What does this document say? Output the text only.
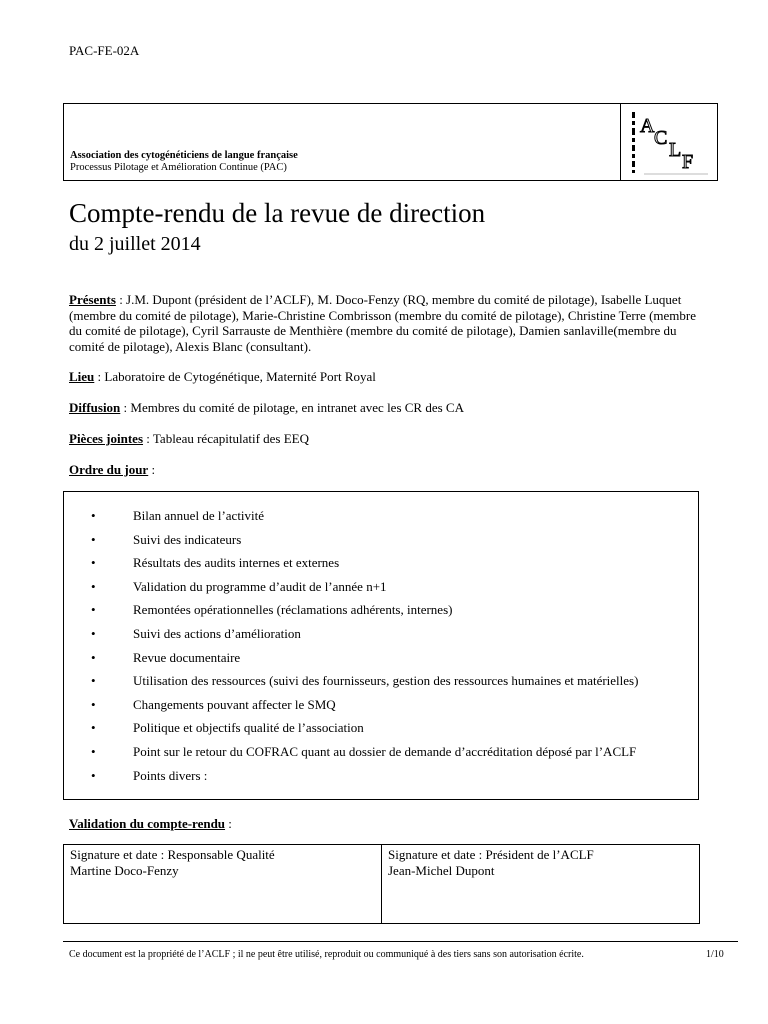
PAC-FE-02A
Association des cytogénéticiens de langue française
Processus Pilotage et Amélioration Continue (PAC)
A
C
L
F
Compte-rendu de la revue de direction
du 2 juillet 2014
Présents : J.M. Dupont (président de l’ACLF), M. Doco-Fenzy (RQ, membre du comité de pilotage), Isabelle Luquet (membre du comité de pilotage), Marie-Christine Combrisson (membre du comité de pilotage), Christine Terre (membre du comité de pilotage), Cyril Sarrauste de Menthière (membre du comité de pilotage), Damien sanlaville(membre du comité de pilotage), Alexis Blanc (consultant).
Lieu : Laboratoire de Cytogénétique, Maternité Port Royal
Diffusion : Membres du comité de pilotage, en intranet avec les CR des CA
Pièces jointes : Tableau récapitulatif des EEQ
Ordre du jour :
•	Bilan annuel de l’activité
•	Suivi des indicateurs
•	Résultats des audits internes et externes
•	Validation du programme d’audit de l’année n+1
•	Remontées opérationnelles (réclamations adhérents, internes)
•	Suivi des actions d’amélioration
•	Revue documentaire
•	Utilisation des ressources (suivi des fournisseurs, gestion des ressources humaines et matérielles)
•	Changements pouvant affecter le SMQ
•	Politique et objectifs qualité de l’association
•	Point sur le retour du COFRAC quant au dossier de demande d’accréditation déposé par l’ACLF
•	Points divers :
Validation du compte-rendu :
Signature et date : Responsable Qualité
Martine Doco-Fenzy
Signature et date : Président de l’ACLF
Jean-Michel Dupont
Ce document est la propriété de l’ACLF ; il ne peut être utilisé, reproduit ou communiqué à des tiers sans son autorisation écrite.	1/10
